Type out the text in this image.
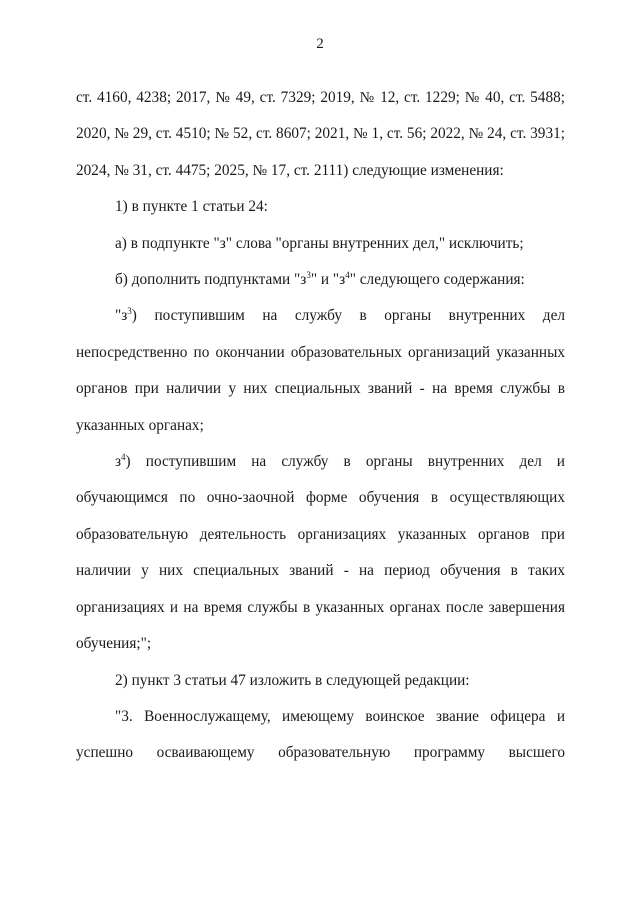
2

ст. 4160, 4238; 2017, № 49, ст. 7329; 2019, № 12, ст. 1229; № 40, ст. 5488;

2020, № 29, ст. 4510; № 52, ст. 8607; 2021, № 1, ст. 56; 2022, № 24, ст. 3931;

2024, № 31, ст. 4475; 2025, № 17, ст. 2111) следующие изменения:

1) в пункте 1 статьи 24:

а) в подпункте "з" слова "органы внутренних дел," исключить;

б) дополнить подпунктами "$з^3$" и "$з^4$" следующего содержания:

"$з^3$) поступившим на службу в органы внутренних дел непосредственно по окончании образовательных организаций указанных органов при наличии у них специальных званий - на время службы в указанных органах;

$з^4$) поступившим на службу в органы внутренних дел и обучающимся по очно-заочной форме обучения в осуществляющих образовательную деятельность организациях указанных органов при наличии у них специальных званий - на период обучения в таких организациях и на время службы в указанных органах после завершения обучения;";

2) пункт 3 статьи 47 изложить в следующей редакции:

"3. Военнослужащему, имеющему воинское звание офицера и успешно осваивающему образовательную программу высшего
